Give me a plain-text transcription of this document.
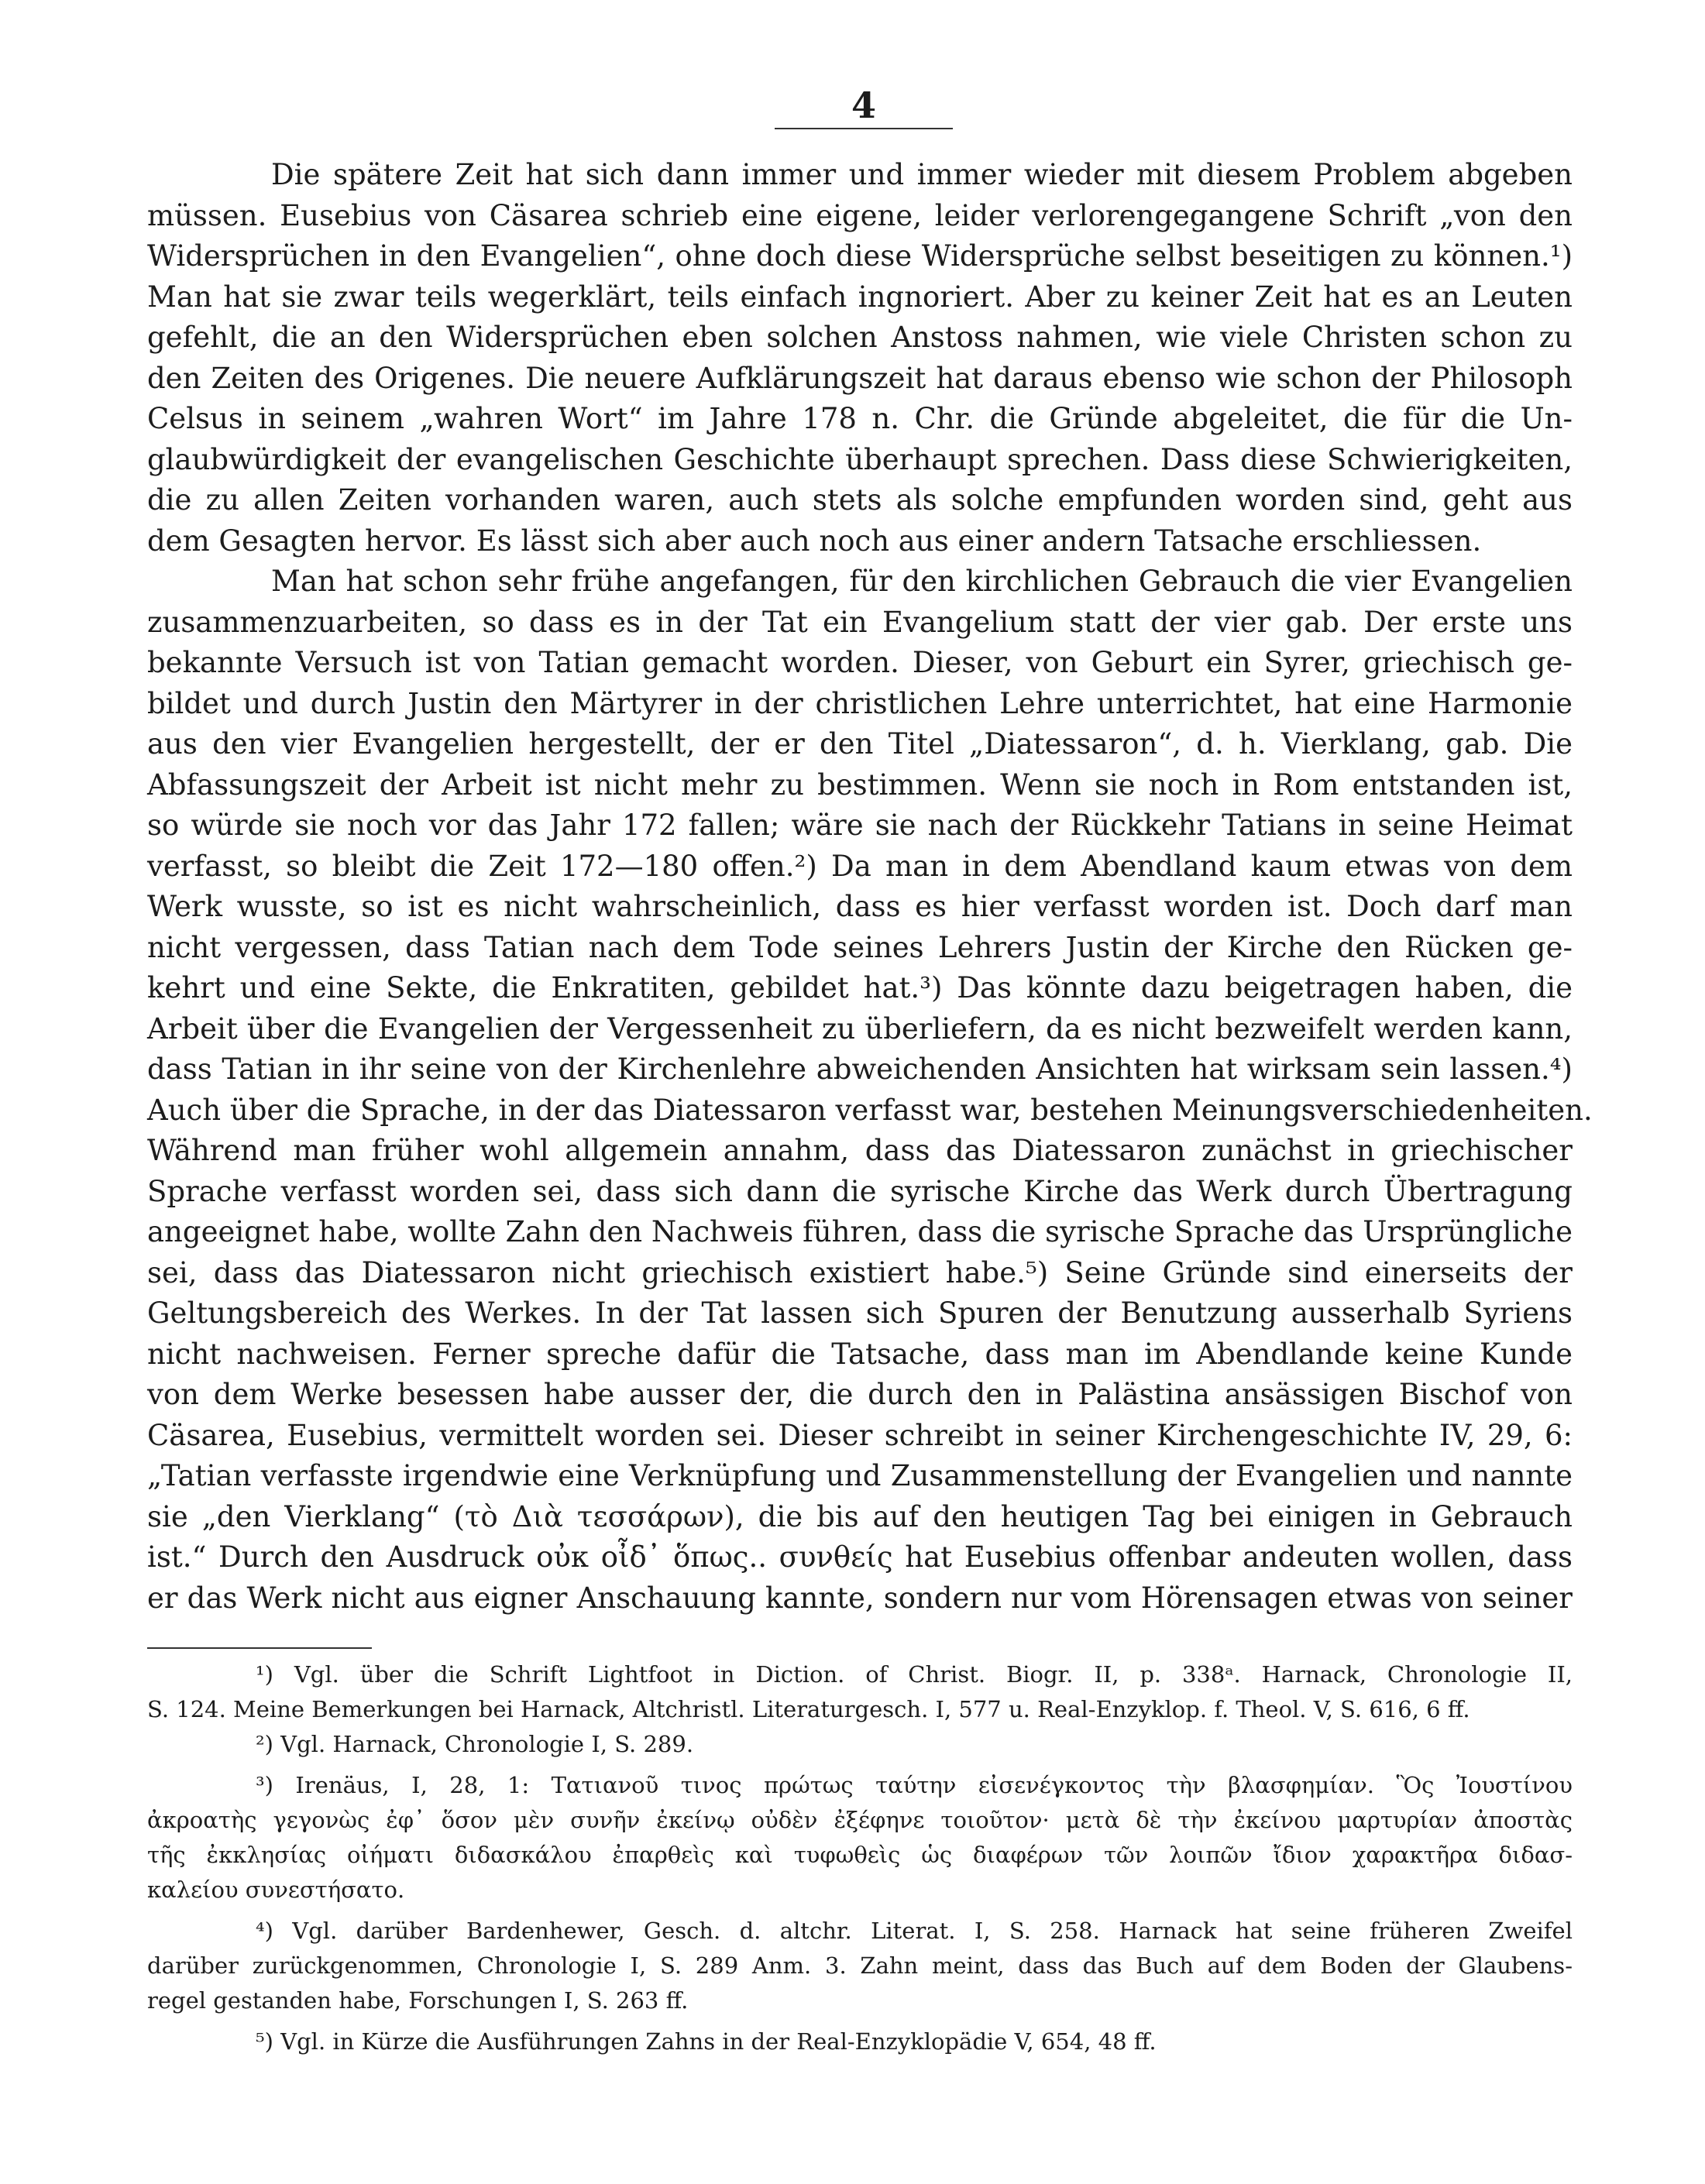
4
Die spätere Zeit hat sich dann immer und immer wieder mit diesem Problem abgeben
müssen. Eusebius von Cäsarea schrieb eine eigene, leider verlorengegangene Schrift „von den
Widersprüchen in den Evangelien“, ohne doch diese Widersprüche selbst beseitigen zu können.¹)
Man hat sie zwar teils wegerklärt, teils einfach ingnoriert. Aber zu keiner Zeit hat es an Leuten
gefehlt, die an den Widersprüchen eben solchen Anstoss nahmen, wie viele Christen schon zu
den Zeiten des Origenes. Die neuere Aufklärungszeit hat daraus ebenso wie schon der Philosoph
Celsus in seinem „wahren Wort“ im Jahre 178 n. Chr. die Gründe abgeleitet, die für die Un-
glaubwürdigkeit der evangelischen Geschichte überhaupt sprechen. Dass diese Schwierigkeiten,
die zu allen Zeiten vorhanden waren, auch stets als solche empfunden worden sind, geht aus
dem Gesagten hervor. Es lässt sich aber auch noch aus einer andern Tatsache erschliessen.
Man hat schon sehr frühe angefangen, für den kirchlichen Gebrauch die vier Evangelien
zusammenzuarbeiten, so dass es in der Tat ein Evangelium statt der vier gab. Der erste uns
bekannte Versuch ist von Tatian gemacht worden. Dieser, von Geburt ein Syrer, griechisch ge-
bildet und durch Justin den Märtyrer in der christlichen Lehre unterrichtet, hat eine Harmonie
aus den vier Evangelien hergestellt, der er den Titel „Diatessaron“, d. h. Vierklang, gab. Die
Abfassungszeit der Arbeit ist nicht mehr zu bestimmen. Wenn sie noch in Rom entstanden ist,
so würde sie noch vor das Jahr 172 fallen; wäre sie nach der Rückkehr Tatians in seine Heimat
verfasst, so bleibt die Zeit 172—180 offen.²) Da man in dem Abendland kaum etwas von dem
Werk wusste, so ist es nicht wahrscheinlich, dass es hier verfasst worden ist. Doch darf man
nicht vergessen, dass Tatian nach dem Tode seines Lehrers Justin der Kirche den Rücken ge-
kehrt und eine Sekte, die Enkratiten, gebildet hat.³) Das könnte dazu beigetragen haben, die
Arbeit über die Evangelien der Vergessenheit zu überliefern, da es nicht bezweifelt werden kann,
dass Tatian in ihr seine von der Kirchenlehre abweichenden Ansichten hat wirksam sein lassen.⁴)
Auch über die Sprache, in der das Diatessaron verfasst war, bestehen Meinungsverschiedenheiten.
Während man früher wohl allgemein annahm, dass das Diatessaron zunächst in griechischer
Sprache verfasst worden sei, dass sich dann die syrische Kirche das Werk durch Übertragung
angeeignet habe, wollte Zahn den Nachweis führen, dass die syrische Sprache das Ursprüngliche
sei, dass das Diatessaron nicht griechisch existiert habe.⁵) Seine Gründe sind einerseits der
Geltungsbereich des Werkes. In der Tat lassen sich Spuren der Benutzung ausserhalb Syriens
nicht nachweisen. Ferner spreche dafür die Tatsache, dass man im Abendlande keine Kunde
von dem Werke besessen habe ausser der, die durch den in Palästina ansässigen Bischof von
Cäsarea, Eusebius, vermittelt worden sei. Dieser schreibt in seiner Kirchengeschichte IV, 29, 6:
„Tatian verfasste irgendwie eine Verknüpfung und Zusammenstellung der Evangelien und nannte
sie „den Vierklang“ (τὸ Διὰ τεσσάρων), die bis auf den heutigen Tag bei einigen in Gebrauch
ist.“ Durch den Ausdruck οὐκ οἶδ᾽ ὅπως.. συνθείς hat Eusebius offenbar andeuten wollen, dass
er das Werk nicht aus eigner Anschauung kannte, sondern nur vom Hörensagen etwas von seiner
¹) Vgl. über die Schrift Lightfoot in Diction. of Christ. Biogr. II, p. 338ᵃ. Harnack, Chronologie II,
S. 124. Meine Bemerkungen bei Harnack, Altchristl. Literaturgesch. I, 577 u. Real-Enzyklop. f. Theol. V, S. 616, 6 ff.
²) Vgl. Harnack, Chronologie I, S. 289.
³) Irenäus, I, 28, 1: Τατιανοῦ τινος πρώτως ταύτην εἰσενέγκοντος τὴν βλασφημίαν. Ὃς Ἰουστίνου
ἀκροατὴς γεγονὼς ἐφ᾽ ὅσον μὲν συνῆν ἐκείνῳ οὐδὲν ἐξέφηνε τοιοῦτον· μετὰ δὲ τὴν ἐκείνου μαρτυρίαν ἀποστὰς
τῆς ἐκκλησίας οἰήματι διδασκάλου ἐπαρθεὶς καὶ τυφωθεὶς ὡς διαφέρων τῶν λοιπῶν ἴδιον χαρακτῆρα διδασ-
καλείου συνεστήσατο.
⁴) Vgl. darüber Bardenhewer, Gesch. d. altchr. Literat. I, S. 258. Harnack hat seine früheren Zweifel
darüber zurückgenommen, Chronologie I, S. 289 Anm. 3. Zahn meint, dass das Buch auf dem Boden der Glaubens-
regel gestanden habe, Forschungen I, S. 263 ff.
⁵) Vgl. in Kürze die Ausführungen Zahns in der Real-Enzyklopädie V, 654, 48 ff.
